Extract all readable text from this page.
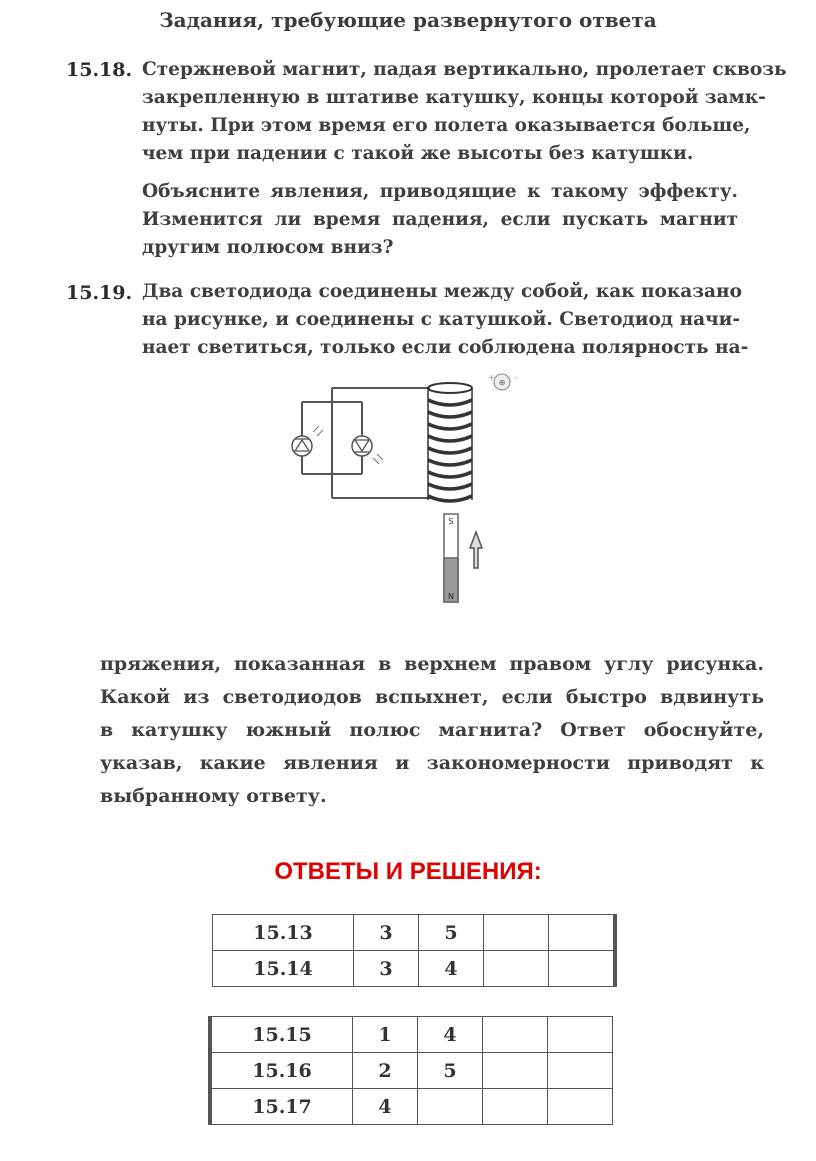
Задания, требующие развернутого ответа
15.18. Стержневой магнит, падая вертикально, пролетает сквозь
закрепленную в штативе катушку, концы которой замк-
нуты. При этом время его полета оказывается больше,
чем при падении с такой же высоты без катушки.
Объясните явления, приводящие к такому эффекту.
Изменится ли время падения, если пускать магнит
другим полюсом вниз?
15.19. Два светодиода соединены между собой, как показано
на рисунке, и соединены с катушкой. Светодиод начи-
нает светиться, только если соблюдена полярность на-
⊕
+	-
S
N
пряжения, показанная в верхнем правом углу рисунка.
Какой из светодиодов вспыхнет, если быстро вдвинуть
в катушку южный полюс магнита? Ответ обоснуйте,
указав, какие явления и закономерности приводят к
выбранному ответу.
ОТВЕТЫ И РЕШЕНИЯ:
15.13	3	5		
15.14	3	4		
15.15	1	4		
15.16	2	5		
15.17	4			
